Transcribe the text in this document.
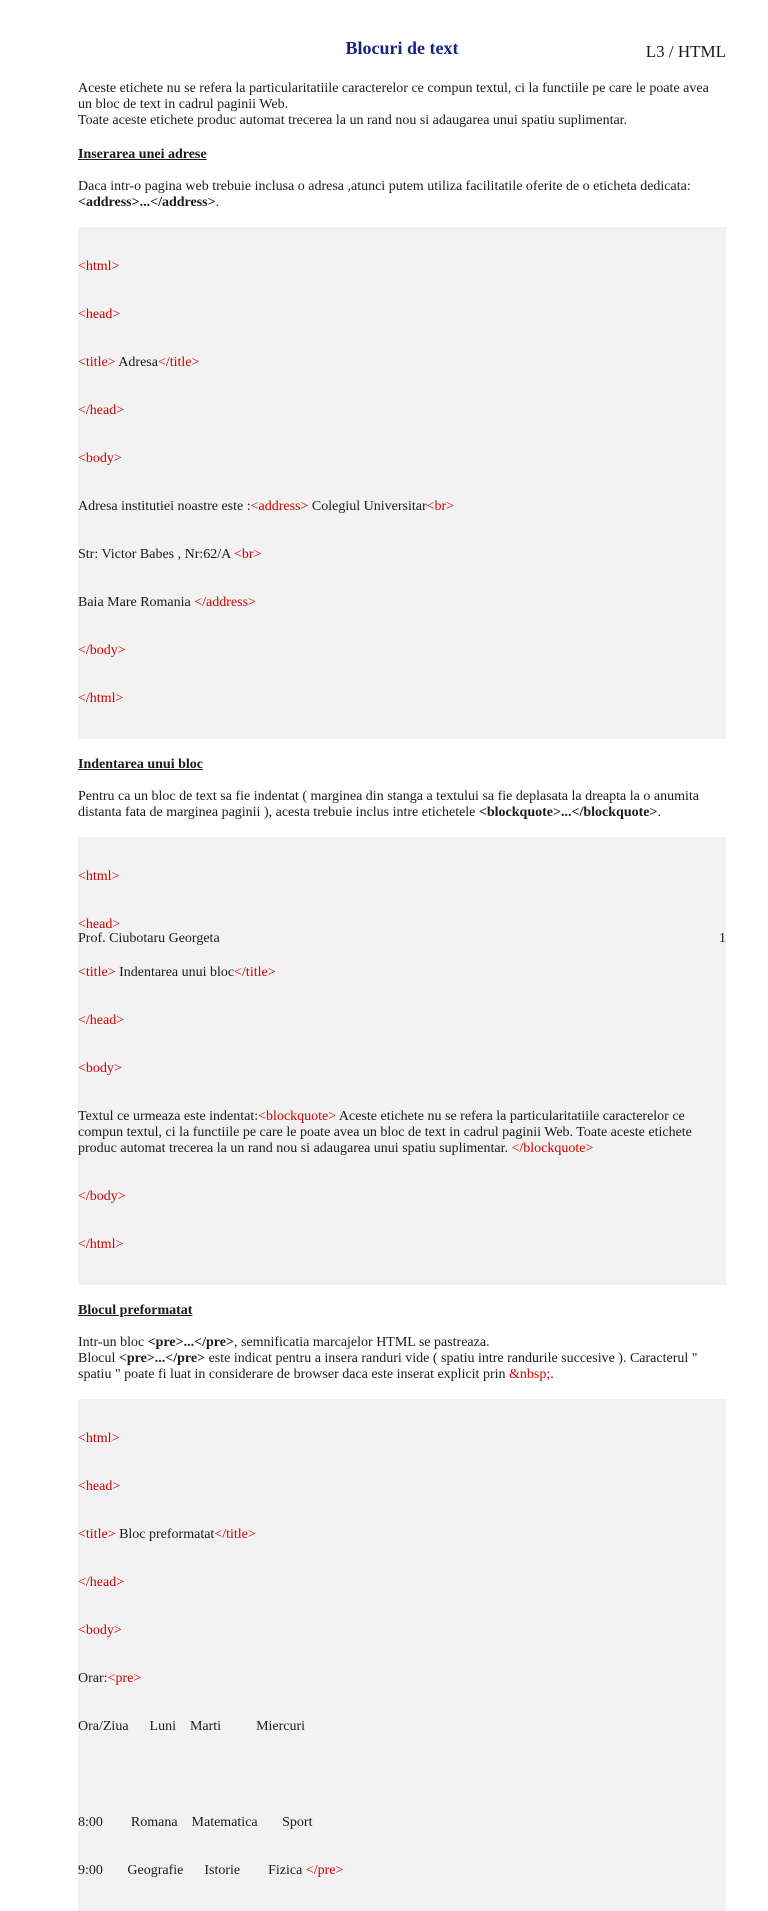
Blocuri de text	L3 / HTML

Aceste etichete nu se refera la particularitatiile caracterelor ce compun textul, ci la functiile pe care le poate avea un bloc de text in cadrul paginii Web.

Toate aceste etichete produc automat trecerea la un rand nou si adaugarea unui spatiu suplimentar.

Inserarea unei adrese

Daca intr-o pagina web trebuie inclusa o adresa ,atunci putem utiliza facilitatile oferite de o eticheta dedicata: <address>...</address>.

<html>

<head>

<title> Adresa</title>

</head>

<body>

Adresa institutiei noastre este :<address> Colegiul Universitar<br>

Str: Victor Babes , Nr:62/A <br>

Baia Mare Romania </address>

</body>

</html>

Indentarea unui bloc

Pentru ca un bloc de text sa fie indentat ( marginea din stanga a textului sa fie deplasata la dreapta la o anumita distanta fata de marginea paginii ), acesta trebuie inclus intre etichetele <blockquote>...</blockquote>.

<html>

<head>

<title> Indentarea unui bloc</title>

</head>

<body>

Textul ce urmeaza este indentat:<blockquote> Aceste etichete nu se refera la particularitatiile caracterelor ce compun textul, ci la functiile pe care le poate avea un bloc de text in cadrul paginii Web. Toate aceste etichete produc automat trecerea la un rand nou si adaugarea unui spatiu suplimentar. </blockquote>

</body>

</html>

Blocul preformatat

Intr-un bloc <pre>...</pre>, semnificatia marcajelor HTML se pastreaza.

Blocul <pre>...</pre> este indicat pentru a insera randuri vide ( spatiu intre randurile succesive ). Caracterul " spatiu " poate fi luat in considerare de browser daca este inserat explicit prin &nbsp;.

<html>

<head>

<title> Bloc preformatat</title>

</head>

<body>

Orar:<pre>

Ora/Ziua      Luni    Marti          Miercuri

8:00        Romana    Matematica       Sport

9:00       Geografie      Istorie        Fizica </pre>

Prof. Ciubotaru Georgeta	1
